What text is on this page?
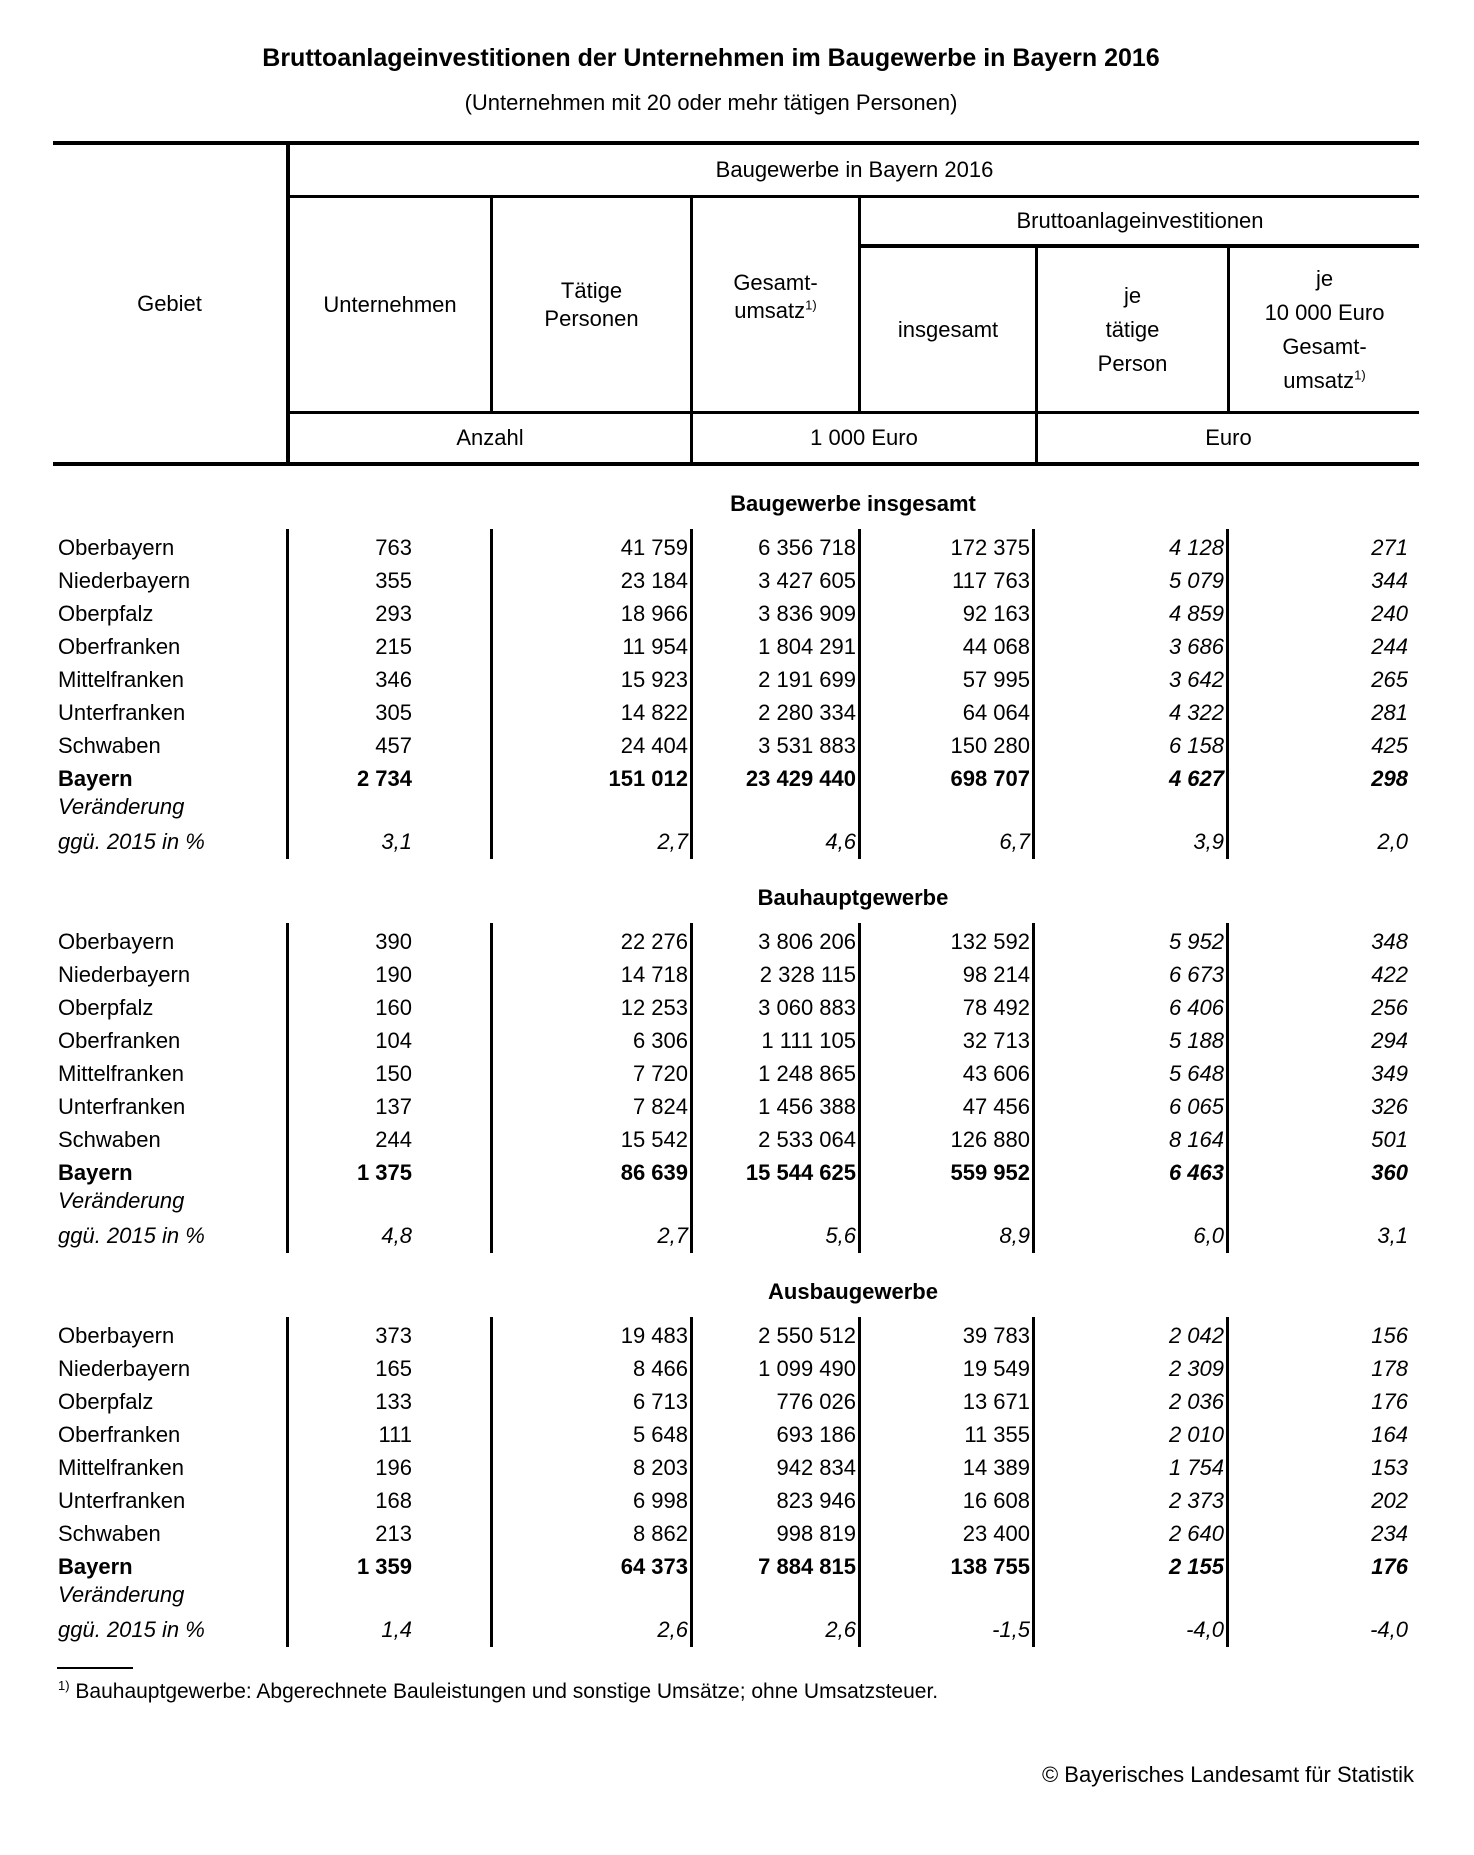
Bruttoanlageinvestitionen der Unternehmen im Baugewerbe in Bayern 2016
(Unternehmen mit 20 oder mehr tätigen Personen)
Gebiet
Baugewerbe in Bayern 2016
Unternehmen
Tätige
Personen
Gesamt-
umsatz$^{1)}$
Bruttoanlageinvestitionen
insgesamt
je
tätige
Person
je
10 000 Euro
Gesamt-
umsatz$^{1)}$
Anzahl	1 000 Euro	Euro
Baugewerbe insgesamt
Oberbayern	763	41 759	6 356 718	172 375	4 128	271
Niederbayern	355	23 184	3 427 605	117 763	5 079	344
Oberpfalz	293	18 966	3 836 909	92 163	4 859	240
Oberfranken	215	11 954	1 804 291	44 068	3 686	244
Mittelfranken	346	15 923	2 191 699	57 995	3 642	265
Unterfranken	305	14 822	2 280 334	64 064	4 322	281
Schwaben	457	24 404	3 531 883	150 280	6 158	425
Bayern	2 734	151 012	23 429 440	698 707	4 627	298
Veränderung
ggü. 2015 in %	3,1	2,7	4,6	6,7	3,9	2,0
Bauhauptgewerbe
Oberbayern	390	22 276	3 806 206	132 592	5 952	348
Niederbayern	190	14 718	2 328 115	98 214	6 673	422
Oberpfalz	160	12 253	3 060 883	78 492	6 406	256
Oberfranken	104	6 306	1 111 105	32 713	5 188	294
Mittelfranken	150	7 720	1 248 865	43 606	5 648	349
Unterfranken	137	7 824	1 456 388	47 456	6 065	326
Schwaben	244	15 542	2 533 064	126 880	8 164	501
Bayern	1 375	86 639	15 544 625	559 952	6 463	360
Veränderung
ggü. 2015 in %	4,8	2,7	5,6	8,9	6,0	3,1
Ausbaugewerbe
Oberbayern	373	19 483	2 550 512	39 783	2 042	156
Niederbayern	165	8 466	1 099 490	19 549	2 309	178
Oberpfalz	133	6 713	776 026	13 671	2 036	176
Oberfranken	111	5 648	693 186	11 355	2 010	164
Mittelfranken	196	8 203	942 834	14 389	1 754	153
Unterfranken	168	6 998	823 946	16 608	2 373	202
Schwaben	213	8 862	998 819	23 400	2 640	234
Bayern	1 359	64 373	7 884 815	138 755	2 155	176
Veränderung
ggü. 2015 in %	1,4	2,6	2,6	-1,5	-4,0	-4,0
$^{1)}$ Bauhauptgewerbe: Abgerechnete Bauleistungen und sonstige Umsätze; ohne Umsatzsteuer.
© Bayerisches Landesamt für Statistik
